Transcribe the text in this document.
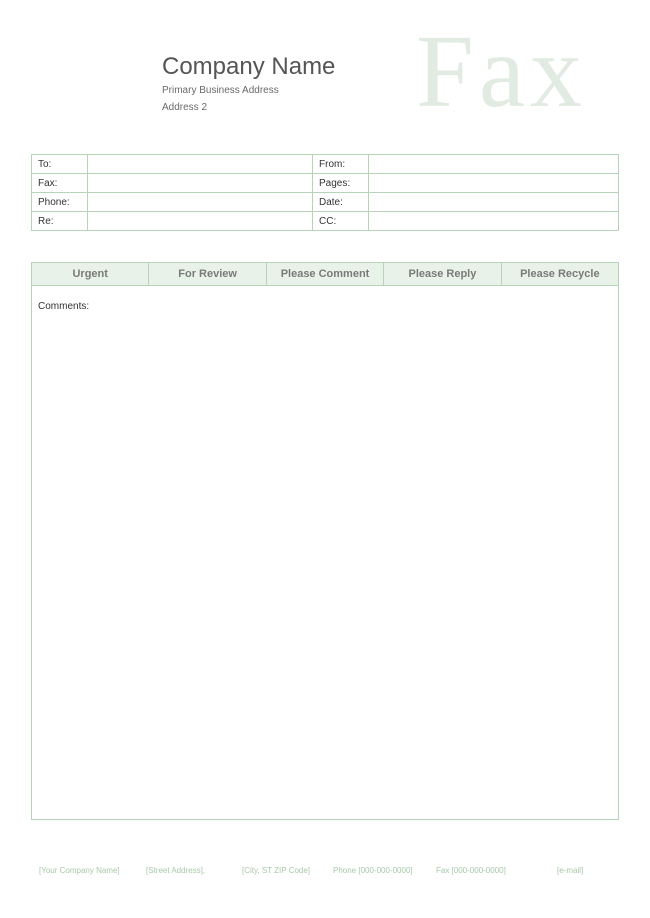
Company Name
Primary Business Address
Address 2 Fax
To:		From:	
Fax:		Pages:	
Phone:		Date:	
Re:		CC:	
Urgent	For Review	Please Comment	Please Reply	Please Recycle
Comments:
[Your Company Name]	[Street Address],	[City, ST ZIP Code]	Phone [000-000-0000]	Fax [000-000-0000]	[e-mail]
